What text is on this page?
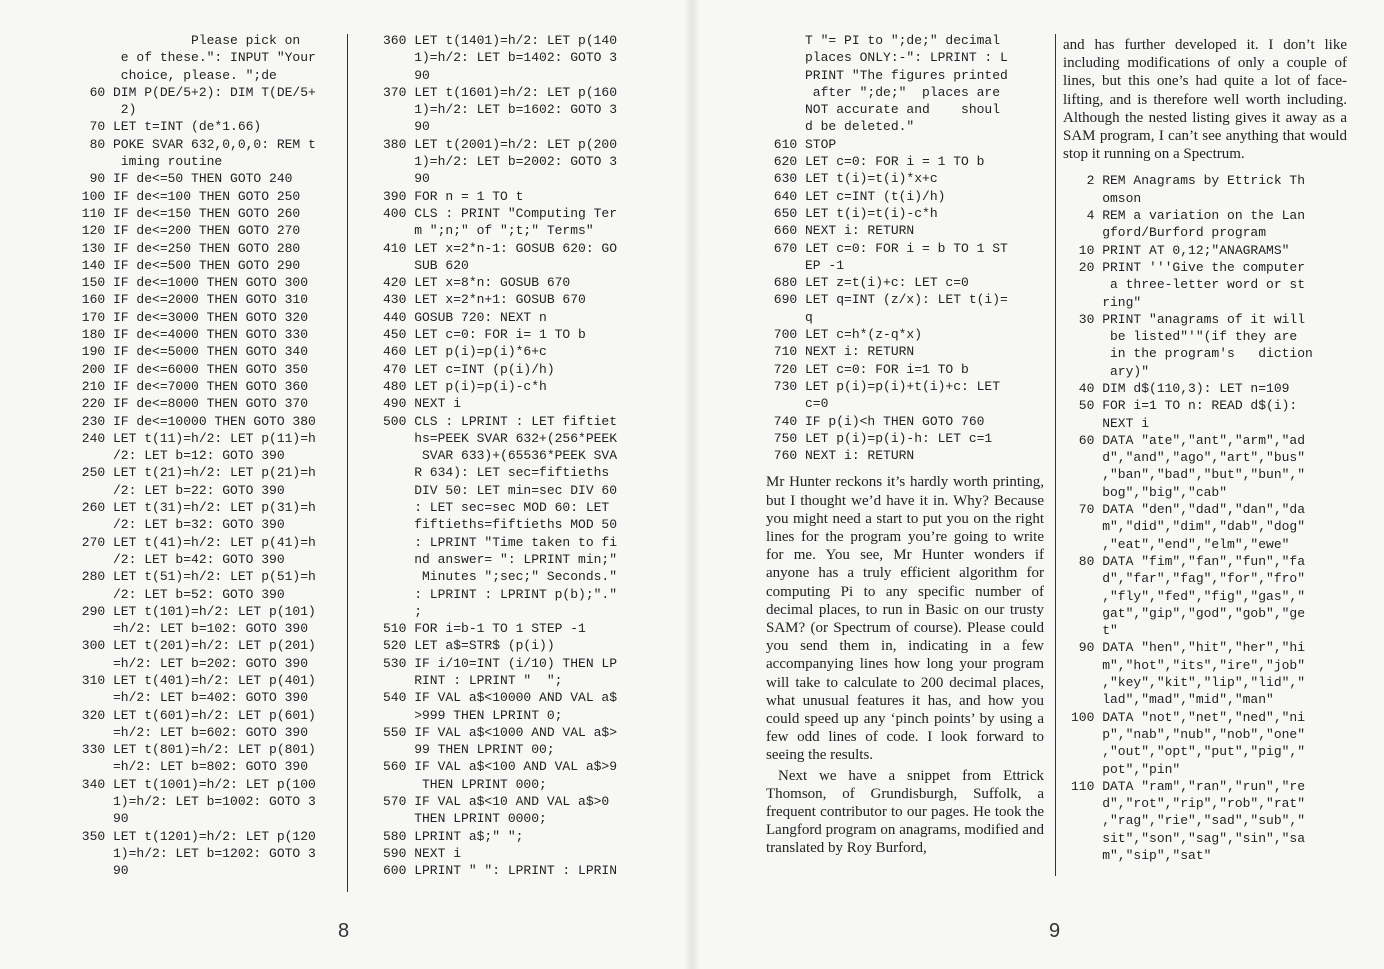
Please pick on
e of these.": INPUT "Your
choice, please. ";de
60 DIM P(DE/5+2): DIM T(DE/5+
2)
70 LET t=INT (de*1.66)
80 POKE SVAR 632,0,0,0: REM t
iming routine
90 IF de<=50 THEN GOTO 240
100 IF de<=100 THEN GOTO 250
110 IF de<=150 THEN GOTO 260
120 IF de<=200 THEN GOTO 270
130 IF de<=250 THEN GOTO 280
140 IF de<=500 THEN GOTO 290
150 IF de<=1000 THEN GOTO 300
160 IF de<=2000 THEN GOTO 310
170 IF de<=3000 THEN GOTO 320
180 IF de<=4000 THEN GOTO 330
190 IF de<=5000 THEN GOTO 340
200 IF de<=6000 THEN GOTO 350
210 IF de<=7000 THEN GOTO 360
220 IF de<=8000 THEN GOTO 370
230 IF de<=10000 THEN GOTO 380
240 LET t(11)=h/2: LET p(11)=h
/2: LET b=12: GOTO 390
250 LET t(21)=h/2: LET p(21)=h
/2: LET b=22: GOTO 390
260 LET t(31)=h/2: LET p(31)=h
/2: LET b=32: GOTO 390
270 LET t(41)=h/2: LET p(41)=h
/2: LET b=42: GOTO 390
280 LET t(51)=h/2: LET p(51)=h
/2: LET b=52: GOTO 390
290 LET t(101)=h/2: LET p(101)
=h/2: LET b=102: GOTO 390
300 LET t(201)=h/2: LET p(201)
=h/2: LET b=202: GOTO 390
310 LET t(401)=h/2: LET p(401)
=h/2: LET b=402: GOTO 390
320 LET t(601)=h/2: LET p(601)
=h/2: LET b=602: GOTO 390
330 LET t(801)=h/2: LET p(801)
=h/2: LET b=802: GOTO 390
340 LET t(1001)=h/2: LET p(100
1)=h/2: LET b=1002: GOTO 3
90
350 LET t(1201)=h/2: LET p(120
1)=h/2: LET b=1202: GOTO 3
90
360 LET t(1401)=h/2: LET p(140
1)=h/2: LET b=1402: GOTO 3
90
370 LET t(1601)=h/2: LET p(160
1)=h/2: LET b=1602: GOTO 3
90
380 LET t(2001)=h/2: LET p(200
1)=h/2: LET b=2002: GOTO 3
90
390 FOR n = 1 TO t
400 CLS : PRINT "Computing Ter
m ";n;" of ";t;" Terms"
410 LET x=2*n-1: GOSUB 620: GO
SUB 620
420 LET x=8*n: GOSUB 670
430 LET x=2*n+1: GOSUB 670
440 GOSUB 720: NEXT n
450 LET c=0: FOR i= 1 TO b
460 LET p(i)=p(i)*6+c
470 LET c=INT (p(i)/h)
480 LET p(i)=p(i)-c*h
490 NEXT i
500 CLS : LPRINT : LET fiftiet
hs=PEEK SVAR 632+(256*PEEK
SVAR 633)+(65536*PEEK SVA
R 634): LET sec=fiftieths
DIV 50: LET min=sec DIV 60
: LET sec=sec MOD 60: LET
fiftieths=fiftieths MOD 50
: LPRINT "Time taken to fi
nd answer= ": LPRINT min;"
Minutes ";sec;" Seconds."
: LPRINT : LPRINT p(b);"."
;
510 FOR i=b-1 TO 1 STEP -1
520 LET a$=STR$ (p(i))
530 IF i/10=INT (i/10) THEN LP
RINT : LPRINT "  ";
540 IF VAL a$<10000 AND VAL a$
>999 THEN LPRINT 0;
550 IF VAL a$<1000 AND VAL a$>
99 THEN LPRINT 00;
560 IF VAL a$<100 AND VAL a$>9
THEN LPRINT 000;
570 IF VAL a$<10 AND VAL a$>0
THEN LPRINT 0000;
580 LPRINT a$;" ";
590 NEXT i
600 LPRINT " ": LPRINT : LPRIN
8
T "= PI to ";de;" decimal
places ONLY:-": LPRINT : L
PRINT "The figures printed
after ";de;"  places are
NOT accurate and    shoul
d be deleted."
610 STOP
620 LET c=0: FOR i = 1 TO b
630 LET t(i)=t(i)*x+c
640 LET c=INT (t(i)/h)
650 LET t(i)=t(i)-c*h
660 NEXT i: RETURN
670 LET c=0: FOR i = b TO 1 ST
EP -1
680 LET z=t(i)+c: LET c=0
690 LET q=INT (z/x): LET t(i)=
q
700 LET c=h*(z-q*x)
710 NEXT i: RETURN
720 LET c=0: FOR i=1 TO b
730 LET p(i)=p(i)+t(i)+c: LET
c=0
740 IF p(i)<h THEN GOTO 760
750 LET p(i)=p(i)-h: LET c=1
760 NEXT i: RETURN

Mr Hunter reckons it’s hardly worth printing, but I thought we’d have it in. Why? Because you might need a start to put you on the right lines for the program you’re going to write for me. You see, Mr Hunter wonders if anyone has a truly efficient algorithm for computing Pi to any specific number of decimal places, to run in Basic on our trusty SAM? (or Spectrum of course). Please could you send them in, indicating in a few accompanying lines how long your program will take to calculate to 200 decimal places, what unusual features it has, and how you could speed up any ‘pinch points’ by using a few odd lines of code. I look forward to seeing the results.

Next we have a snippet from Ettrick Thomson, of Grundisburgh, Suffolk, a frequent contributor to our pages. He took the Langford program on anagrams, modified and translated by Roy Burford,

and has further developed it. I don’t like including modifications of only a couple of lines, but this one’s had quite a lot of face-lifting, and is therefore well worth including. Although the nested listing gives it away as a SAM program, I can’t see anything that would stop it running on a Spectrum.

2 REM Anagrams by Ettrick Th
omson
4 REM a variation on the Lan
gford/Burford program
10 PRINT AT 0,12;"ANAGRAMS"
20 PRINT '''Give the computer
a three-letter word or st
ring"
30 PRINT "anagrams of it will
be listed"'"(if they are
in the program's   diction
ary)"
40 DIM d$(110,3): LET n=109
50 FOR i=1 TO n: READ d$(i):
NEXT i
60 DATA "ate","ant","arm","ad
d","and","ago","art","bus"
,"ban","bad","but","bun","
bog","big","cab"
70 DATA "den","dad","dan","da
m","did","dim","dab","dog"
,"eat","end","elm","ewe"
80 DATA "fim","fan","fun","fa
d","far","fag","for","fro"
,"fly","fed","fig","gas","
gat","gip","god","gob","ge
t"
90 DATA "hen","hit","her","hi
m","hot","its","ire","job"
,"key","kit","lip","lid","
lad","mad","mid","man"
100 DATA "not","net","ned","ni
p","nab","nub","nob","one"
,"out","opt","put","pig","
pot","pin"
110 DATA "ram","ran","run","re
d","rot","rip","rob","rat"
,"rag","rie","sad","sub","
sit","son","sag","sin","sa
m","sip","sat"
9
